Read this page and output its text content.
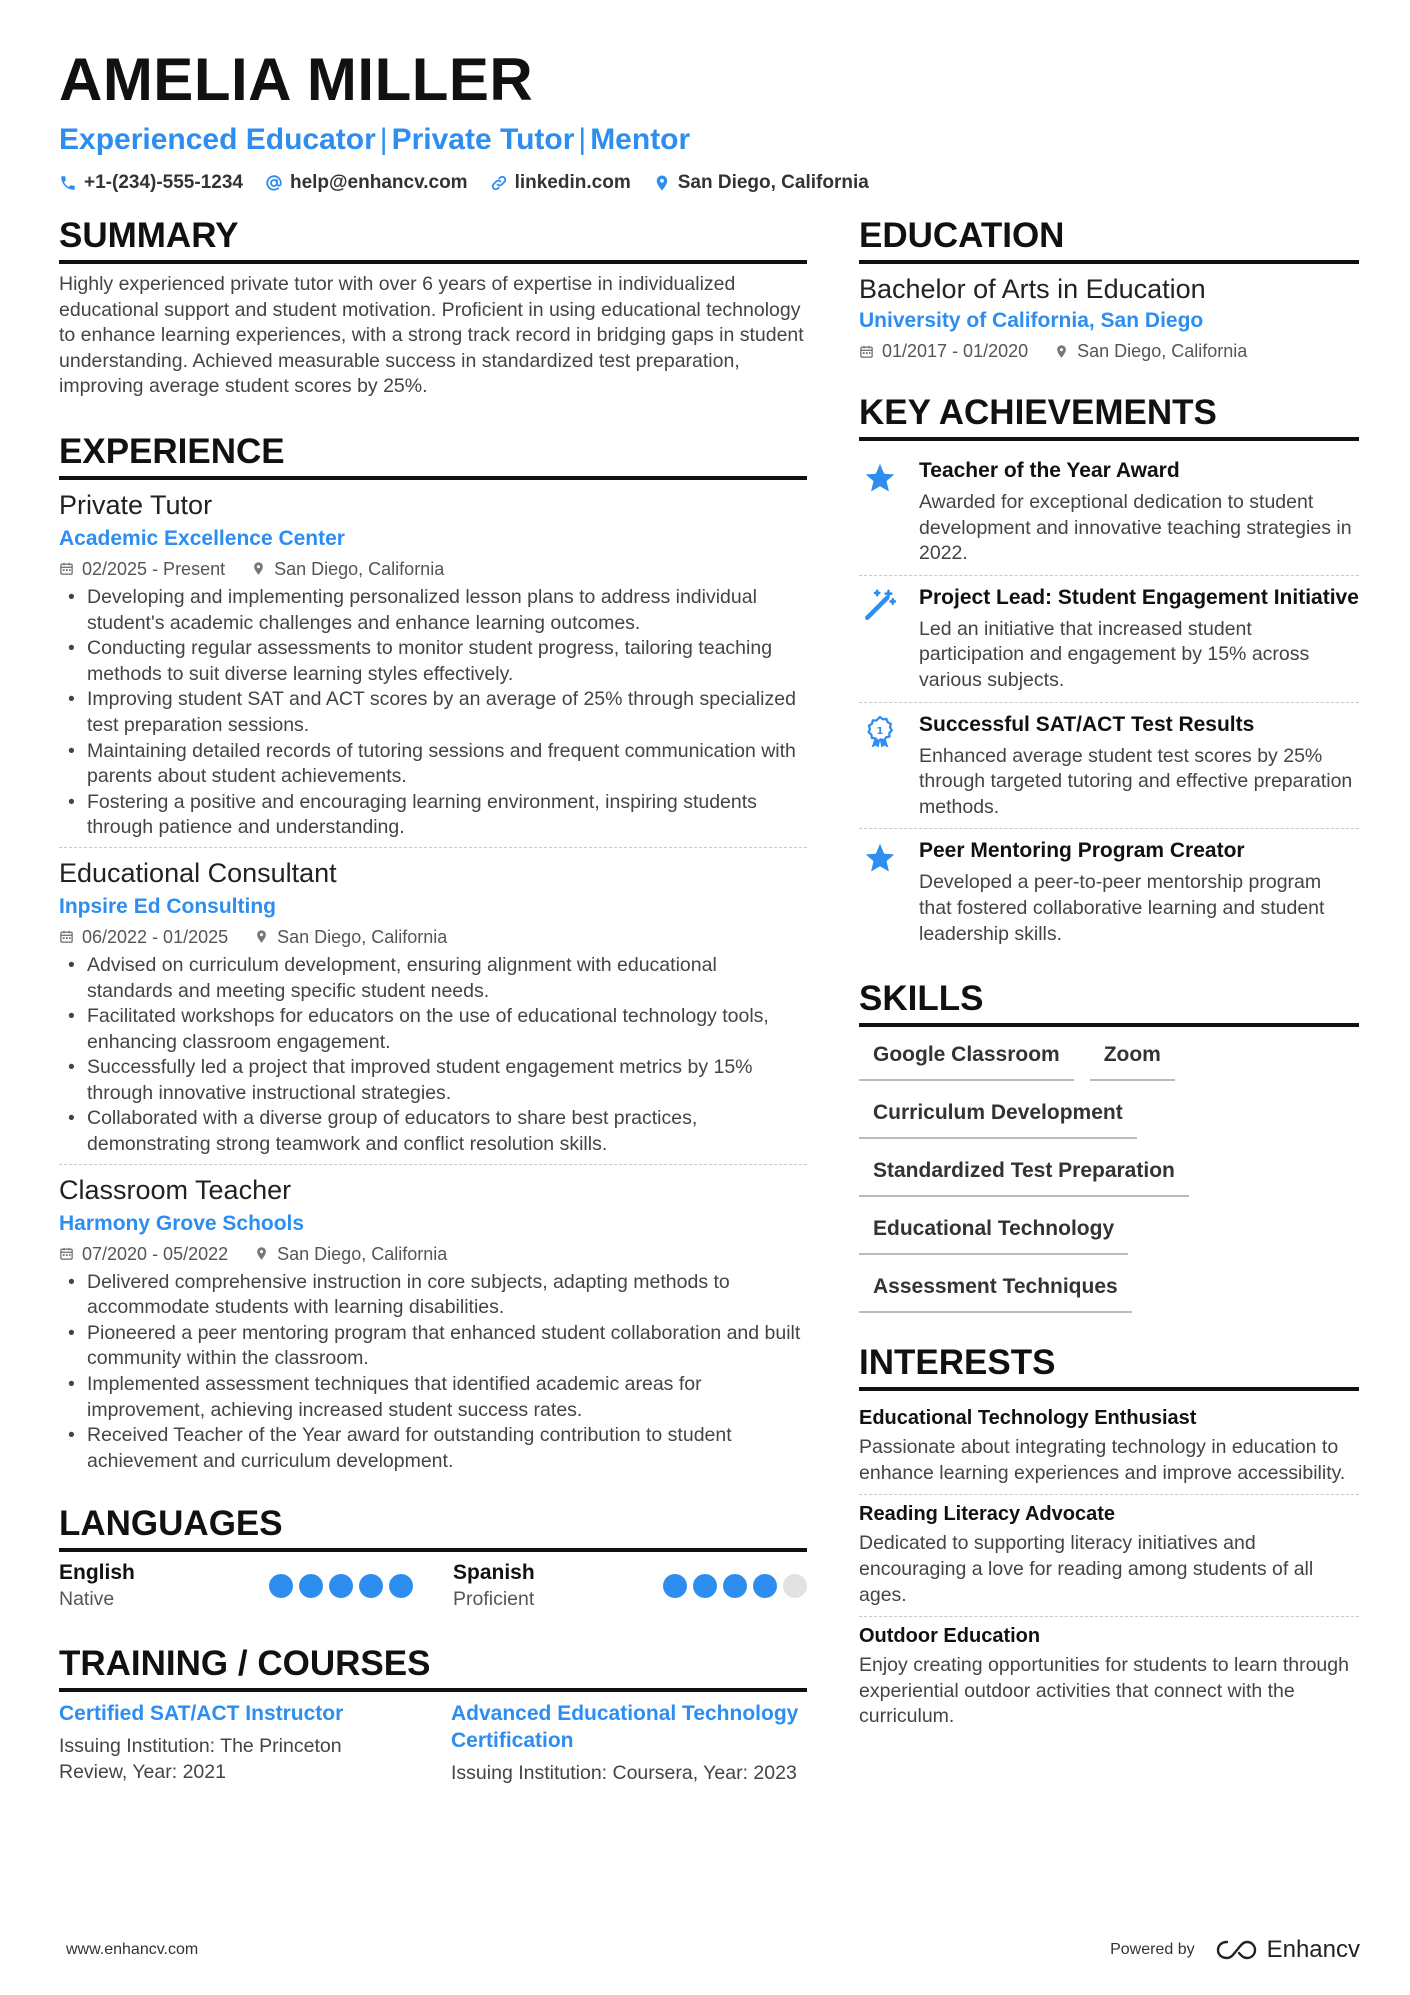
AMELIA MILLER
Experienced Educator | Private Tutor | Mentor
+1-(234)-555-1234 help@enhancv.com linkedin.com San Diego, California
SUMMARY

Highly experienced private tutor with over 6 years of expertise in individualized educational support and student motivation. Proficient in using educational technology to enhance learning experiences, with a strong track record in bridging gaps in student understanding. Achieved measurable success in standardized test preparation, improving average student scores by 25%.

EXPERIENCE
Private Tutor
Academic Excellence Center
02/2025 - Present	San Diego, California
• Developing and implementing personalized lesson plans to address individual student's academic challenges and enhance learning outcomes.
• Conducting regular assessments to monitor student progress, tailoring teaching methods to suit diverse learning styles effectively.
• Improving student SAT and ACT scores by an average of 25% through specialized test preparation sessions.
• Maintaining detailed records of tutoring sessions and frequent communication with parents about student achievements.
• Fostering a positive and encouraging learning environment, inspiring students through patience and understanding.
Educational Consultant
Inpsire Ed Consulting
06/2022 - 01/2025	San Diego, California
• Advised on curriculum development, ensuring alignment with educational standards and meeting specific student needs.
• Facilitated workshops for educators on the use of educational technology tools, enhancing classroom engagement.
• Successfully led a project that improved student engagement metrics by 15% through innovative instructional strategies.
• Collaborated with a diverse group of educators to share best practices, demonstrating strong teamwork and conflict resolution skills.
Classroom Teacher
Harmony Grove Schools
07/2020 - 05/2022	San Diego, California
• Delivered comprehensive instruction in core subjects, adapting methods to accommodate students with learning disabilities.
• Pioneered a peer mentoring program that enhanced student collaboration and built community within the classroom.
• Implemented assessment techniques that identified academic areas for improvement, achieving increased student success rates.
• Received Teacher of the Year award for outstanding contribution to student achievement and curriculum development.
LANGUAGES
English
Native
Spanish
Proficient
TRAINING / COURSES
Certified SAT/ACT Instructor
Issuing Institution: The Princeton Review, Year: 2021
Advanced Educational Technology Certification
Issuing Institution: Coursera, Year: 2023
EDUCATION
Bachelor of Arts in Education
University of California, San Diego
01/2017 - 01/2020	San Diego, California
KEY ACHIEVEMENTS
Teacher of the Year Award
Awarded for exceptional dedication to student development and innovative teaching strategies in 2022.
Project Lead: Student Engagement Initiative
Led an initiative that increased student participation and engagement by 15% across various subjects.
1 Successful SAT/ACT Test Results
Enhanced average student test scores by 25% through targeted tutoring and effective preparation methods.
Peer Mentoring Program Creator
Developed a peer-to-peer mentorship program that fostered collaborative learning and student leadership skills.
SKILLS
Google Classroom	Zoom
Curriculum Development
Standardized Test Preparation
Educational Technology
Assessment Techniques
INTERESTS
Educational Technology Enthusiast
Passionate about integrating technology in education to enhance learning experiences and improve accessibility.
Reading Literacy Advocate
Dedicated to supporting literacy initiatives and encouraging a love for reading among students of all ages.
Outdoor Education
Enjoy creating opportunities for students to learn through experiential outdoor activities that connect with the curriculum.
www.enhancv.com	Powered by	Enhancv
